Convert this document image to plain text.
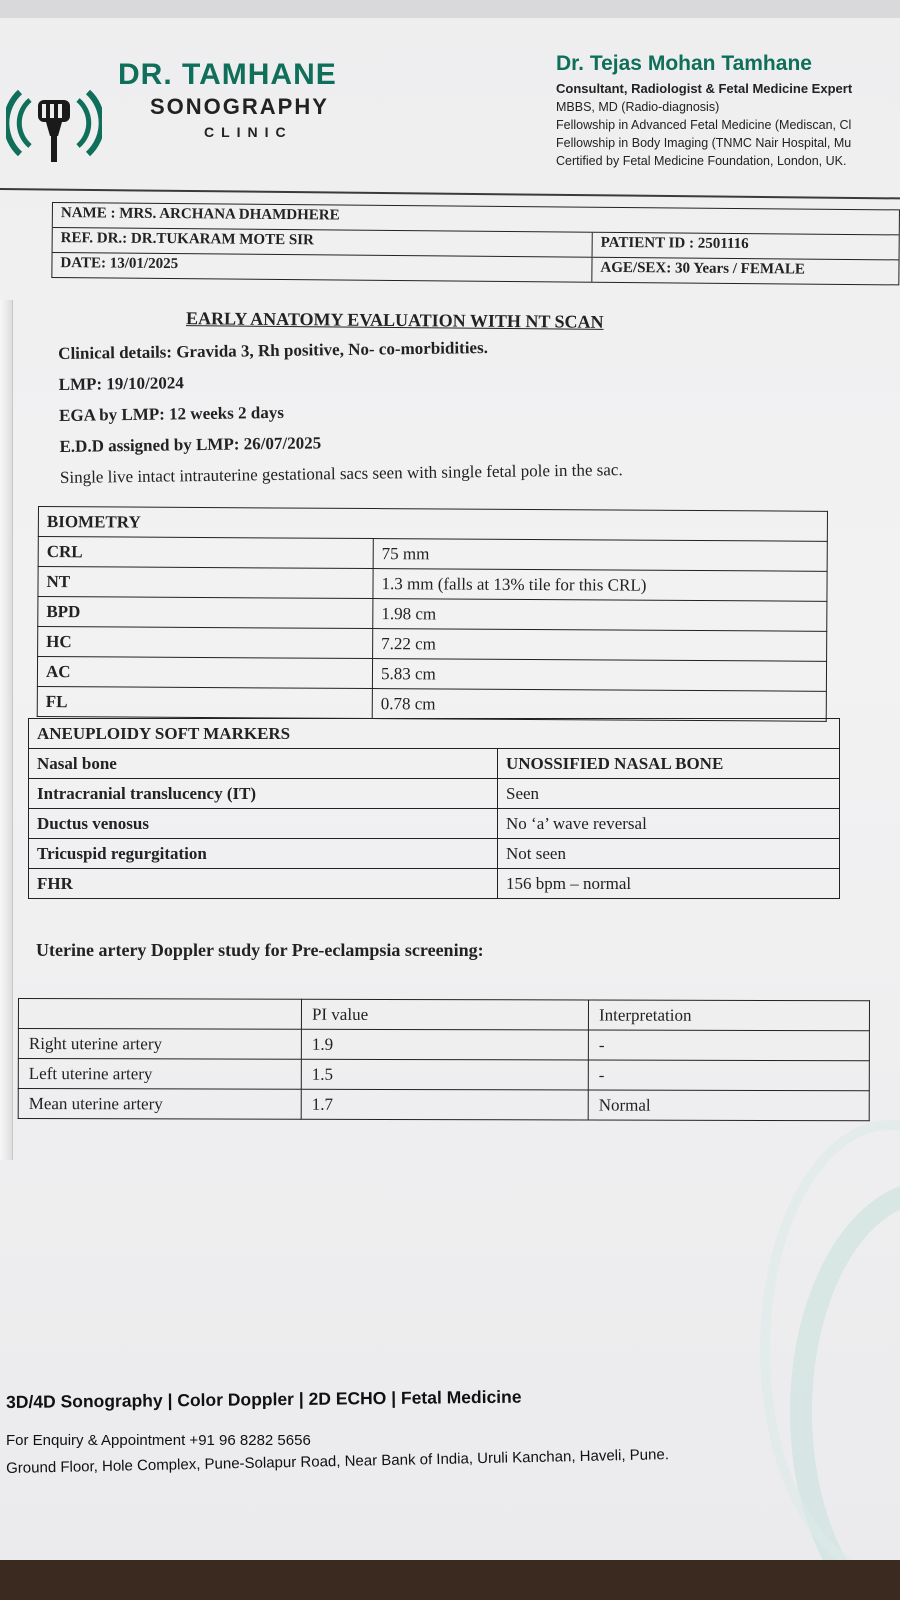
DR. TAMHANE
SONOGRAPHY
CLINIC
Dr. Tejas Mohan Tamhane
Consultant, Radiologist & Fetal Medicine Expert
MBBS, MD (Radio-diagnosis)
Fellowship in Advanced Fetal Medicine (Mediscan, Cl
Fellowship in Body Imaging (TNMC Nair Hospital, Mu
Certified by Fetal Medicine Foundation, London, UK.
NAME : MRS. ARCHANA DHAMDHERE
REF. DR.: DR.TUKARAM MOTE SIR	PATIENT ID : 2501116
DATE: 13/01/2025	AGE/SEX: 30 Years / FEMALE
EARLY ANATOMY EVALUATION WITH NT SCAN
Clinical details: Gravida 3, Rh positive, No- co-morbidities.
LMP: 19/10/2024
EGA by LMP: 12 weeks 2 days
E.D.D assigned by LMP: 26/07/2025
Single live intact intrauterine gestational sacs seen with single fetal pole in the sac.
BIOMETRY	
CRL	75 mm
NT	1.3 mm (falls at 13% tile for this CRL)
BPD	1.98 cm
HC	7.22 cm
AC	5.83 cm
FL	0.78 cm
ANEUPLOIDY SOFT MARKERS	
Nasal bone	UNOSSIFIED NASAL BONE
Intracranial translucency (IT)	Seen
Ductus venosus	No ‘a’ wave reversal
Tricuspid regurgitation	Not seen
FHR	156 bpm – normal
Uterine artery Doppler study for Pre-eclampsia screening:
	PI value	Interpretation
Right uterine artery	1.9	-
Left uterine artery	1.5	-
Mean uterine artery	1.7	Normal
3D/4D Sonography | Color Doppler | 2D ECHO | Fetal Medicine
For Enquiry & Appointment +91 96 8282 5656
Ground Floor, Hole Complex, Pune-Solapur Road, Near Bank of India, Uruli Kanchan, Haveli, Pune.
